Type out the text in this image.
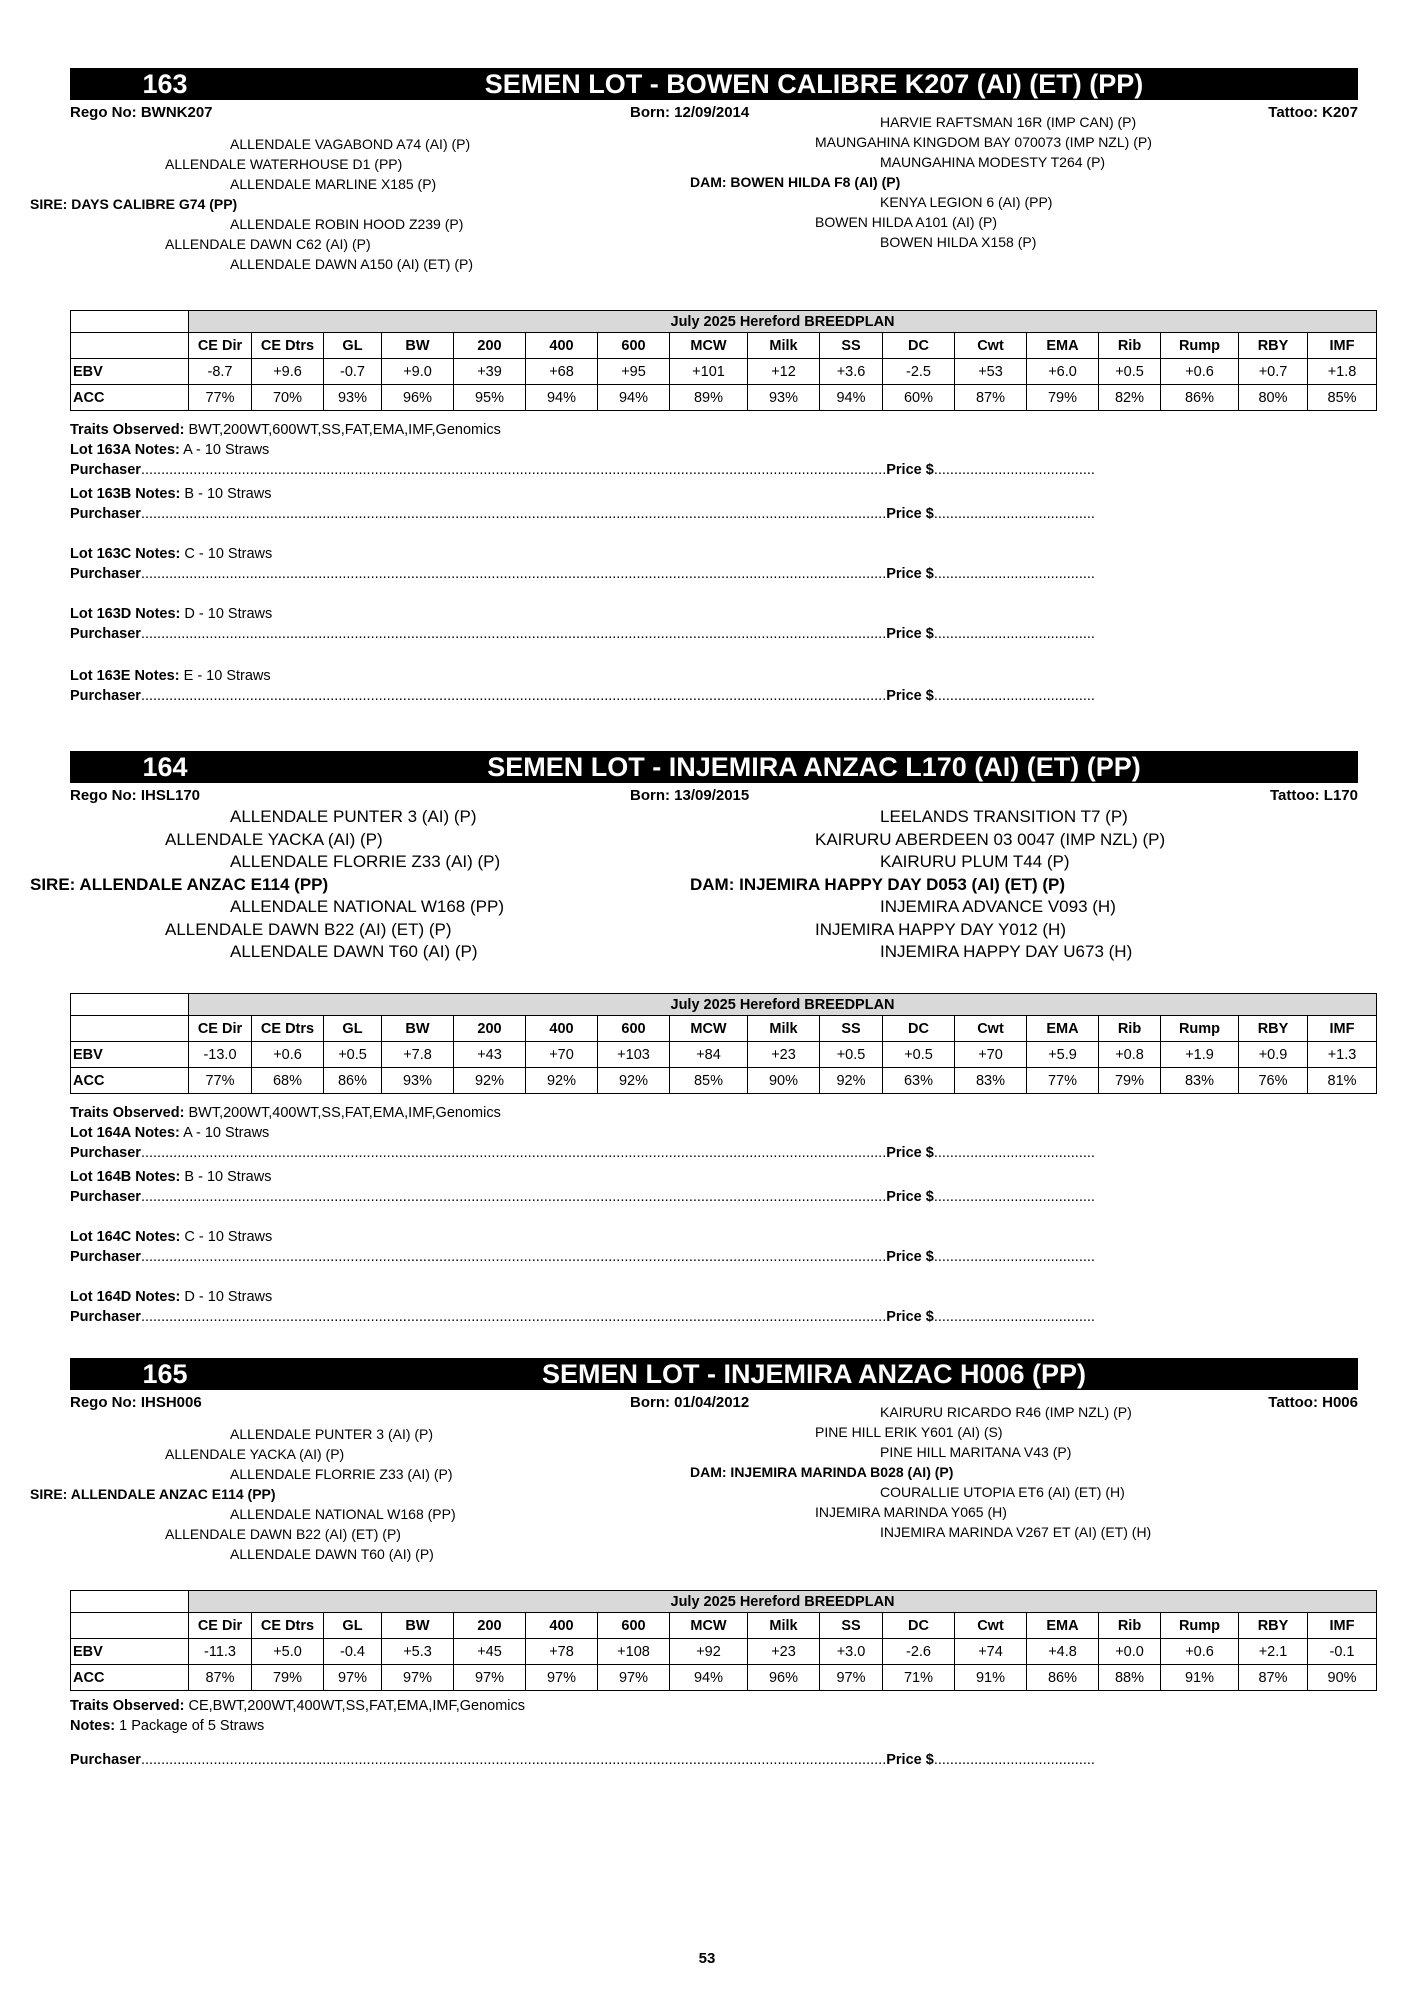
163	SEMEN LOT - BOWEN CALIBRE K207 (AI) (ET) (PP)
Rego No: BWNK207	Born: 12/09/2014	Tattoo: K207
ALLENDALE VAGABOND A74 (AI) (P)
ALLENDALE WATERHOUSE D1 (PP)
ALLENDALE MARLINE X185 (P)
SIRE: DAYS CALIBRE G74 (PP)
ALLENDALE ROBIN HOOD Z239 (P)
ALLENDALE DAWN C62 (AI) (P)
ALLENDALE DAWN A150 (AI) (ET) (P)
HARVIE RAFTSMAN 16R (IMP CAN) (P)
MAUNGAHINA KINGDOM BAY 070073 (IMP NZL) (P)
MAUNGAHINA MODESTY T264 (P)
DAM: BOWEN HILDA F8 (AI) (P)
KENYA LEGION 6 (AI) (PP)
BOWEN HILDA A101 (AI) (P)
BOWEN HILDA X158 (P)
	July 2025 Hereford BREEDPLAN																
	CE Dir	CE Dtrs	GL	BW	200	400	600	MCW	Milk	SS	DC	Cwt	EMA	Rib	Rump	RBY	IMF
EBV	-8.7	+9.6	-0.7	+9.0	+39	+68	+95	+101	+12	+3.6	-2.5	+53	+6.0	+0.5	+0.6	+0.7	+1.8
ACC	77%	70%	93%	96%	95%	94%	94%	89%	93%	94%	60%	87%	79%	82%	86%	80%	85%
Traits Observed: BWT,200WT,600WT,SS,FAT,EMA,IMF,Genomics
Lot 163A Notes: A - 10 Straws
Purchaser.........................................................................................................................................................................................Price $........................................
Lot 163B Notes: B - 10 Straws
Purchaser.........................................................................................................................................................................................Price $........................................
Lot 163C Notes: C - 10 Straws
Purchaser.........................................................................................................................................................................................Price $........................................
Lot 163D Notes: D - 10 Straws
Purchaser.........................................................................................................................................................................................Price $........................................
Lot 163E Notes: E - 10 Straws
Purchaser.........................................................................................................................................................................................Price $........................................
164	SEMEN LOT - INJEMIRA ANZAC L170 (AI) (ET) (PP)
Rego No: IHSL170	Born: 13/09/2015	Tattoo: L170
ALLENDALE PUNTER 3 (AI) (P)
ALLENDALE YACKA (AI) (P)
ALLENDALE FLORRIE Z33 (AI) (P)
SIRE: ALLENDALE ANZAC E114 (PP)
ALLENDALE NATIONAL W168 (PP)
ALLENDALE DAWN B22 (AI) (ET) (P)
ALLENDALE DAWN T60 (AI) (P)
LEELANDS TRANSITION T7 (P)
KAIRURU ABERDEEN 03 0047 (IMP NZL) (P)
KAIRURU PLUM T44 (P)
DAM: INJEMIRA HAPPY DAY D053 (AI) (ET) (P)
INJEMIRA ADVANCE V093 (H)
INJEMIRA HAPPY DAY Y012 (H)
INJEMIRA HAPPY DAY U673 (H)
	July 2025 Hereford BREEDPLAN																
	CE Dir	CE Dtrs	GL	BW	200	400	600	MCW	Milk	SS	DC	Cwt	EMA	Rib	Rump	RBY	IMF
EBV	-13.0	+0.6	+0.5	+7.8	+43	+70	+103	+84	+23	+0.5	+0.5	+70	+5.9	+0.8	+1.9	+0.9	+1.3
ACC	77%	68%	86%	93%	92%	92%	92%	85%	90%	92%	63%	83%	77%	79%	83%	76%	81%
Traits Observed: BWT,200WT,400WT,SS,FAT,EMA,IMF,Genomics
Lot 164A Notes: A - 10 Straws
Purchaser.........................................................................................................................................................................................Price $........................................
Lot 164B Notes: B - 10 Straws
Purchaser.........................................................................................................................................................................................Price $........................................
Lot 164C Notes: C - 10 Straws
Purchaser.........................................................................................................................................................................................Price $........................................
Lot 164D Notes: D - 10 Straws
Purchaser.........................................................................................................................................................................................Price $........................................
165	SEMEN LOT - INJEMIRA ANZAC H006 (PP)
Rego No: IHSH006	Born: 01/04/2012	Tattoo: H006
ALLENDALE PUNTER 3 (AI) (P)
ALLENDALE YACKA (AI) (P)
ALLENDALE FLORRIE Z33 (AI) (P)
SIRE: ALLENDALE ANZAC E114 (PP)
ALLENDALE NATIONAL W168 (PP)
ALLENDALE DAWN B22 (AI) (ET) (P)
ALLENDALE DAWN T60 (AI) (P)
KAIRURU RICARDO R46 (IMP NZL) (P)
PINE HILL ERIK Y601 (AI) (S)
PINE HILL MARITANA V43 (P)
DAM: INJEMIRA MARINDA B028 (AI) (P)
COURALLIE UTOPIA ET6 (AI) (ET) (H)
INJEMIRA MARINDA Y065 (H)
INJEMIRA MARINDA V267 ET (AI) (ET) (H)
	July 2025 Hereford BREEDPLAN																
	CE Dir	CE Dtrs	GL	BW	200	400	600	MCW	Milk	SS	DC	Cwt	EMA	Rib	Rump	RBY	IMF
EBV	-11.3	+5.0	-0.4	+5.3	+45	+78	+108	+92	+23	+3.0	-2.6	+74	+4.8	+0.0	+0.6	+2.1	-0.1
ACC	87%	79%	97%	97%	97%	97%	97%	94%	96%	97%	71%	91%	86%	88%	91%	87%	90%
Traits Observed: CE,BWT,200WT,400WT,SS,FAT,EMA,IMF,Genomics
Notes: 1 Package of 5 Straws
Purchaser.........................................................................................................................................................................................Price $........................................
53
